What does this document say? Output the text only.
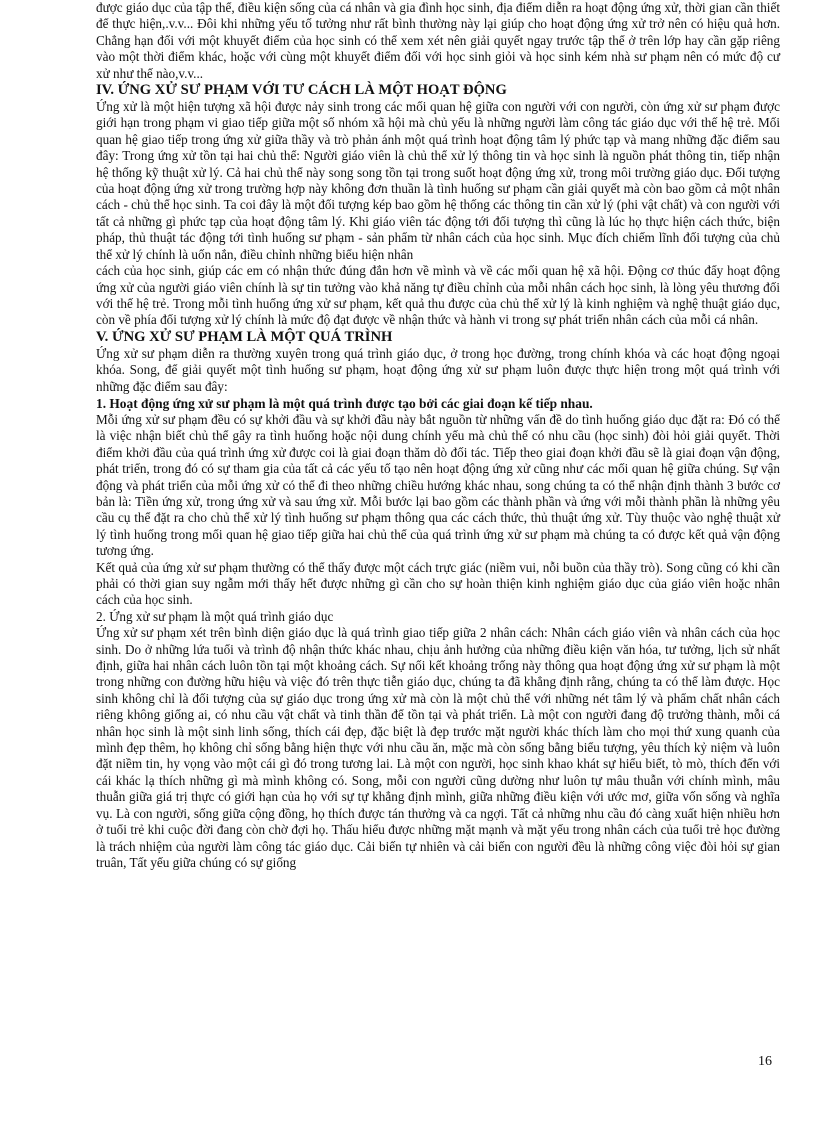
được giáo dục của tập thể, điều kiện sống của cá nhân và gia đình học sinh, địa điểm diễn ra hoạt động ứng xử, thời gian cần thiết để thực hiện,.v.v... Đôi khi những yếu tố tưởng như rất bình thường này lại giúp cho hoạt động ứng xử trở nên có hiệu quả hơn. Chẳng hạn đối với một khuyết điểm của học sinh có thể xem xét nên giải quyết ngay trước tập thể ở trên lớp hay cần gặp riêng vào một thời điểm khác, hoặc với cùng một khuyết điểm đối với học sinh giỏi và học sinh kém nhà sư phạm nên có mức độ cư xử như thế nào,v.v...

IV. ỨNG XỬ SƯ PHẠM VỚI TƯ CÁCH LÀ MỘT HOẠT ĐỘNG

Ứng xử là một hiện tượng xã hội được nảy sinh trong các mối quan hệ giữa con người với con người, còn ứng xử sư phạm được giới hạn trong phạm vi giao tiếp giữa một số nhóm xã hội mà chủ yếu là những người làm công tác giáo dục với thế hệ trẻ. Mối quan hệ giao tiếp trong ứng xử giữa thầy và trò phản ánh một quá trình hoạt động tâm lý phức tạp và mang những đặc điểm sau đây: Trong ứng xử tồn tại hai chủ thể: Người giáo viên là chủ thể xử lý thông tin và học sinh là nguồn phát thông tin, tiếp nhận hệ thống kỹ thuật xử lý. Cả hai chủ thể này song song tồn tại trong suốt hoạt động ứng xử, trong môi trường giáo dục. Đối tượng của hoạt động ứng xử trong trường hợp này không đơn thuần là tình huống sư phạm cần giải quyết mà còn bao gồm cả một nhân cách - chủ thể học sinh. Ta coi đây là một đối tượng kép bao gồm hệ thống các thông tin cần xử lý (phi vật chất) và con người với tất cả những gì phức tạp của hoạt động tâm lý. Khi giáo viên tác động tới đối tượng thì cũng là lúc họ thực hiện cách thức, biện pháp, thủ thuật tác động tới tình huống sư phạm - sản phẩm từ nhân cách của học sinh. Mục đích chiếm lĩnh đối tượng của chủ thể xử lý chính là uốn nắn, điều chỉnh những biểu hiện nhân

cách của học sinh, giúp các em có nhận thức đúng đắn hơn về mình và về các mối quan hệ xã hội. Động cơ thúc đẩy hoạt động ứng xử của người giáo viên chính là sự tin tưởng vào khả năng tự điều chỉnh của mỗi nhân cách học sinh, là lòng yêu thương đối với thế hệ trẻ. Trong mỗi tình huống ứng xử sư phạm, kết quả thu được của chủ thể xử lý là kinh nghiệm và nghệ thuật giáo dục, còn về phía đối tượng xử lý chính là mức độ đạt được về nhận thức và hành vi trong sự phát triển nhân cách của mỗi cá nhân.

V. ỨNG XỬ SƯ PHẠM LÀ MỘT QUÁ TRÌNH

Ứng xử sư phạm diễn ra thường xuyên trong quá trình giáo dục, ở trong học đường, trong chính khóa và các hoạt động ngoại khóa. Song, để giải quyết một tình huống sư phạm, hoạt động ứng xử sư phạm luôn được thực hiện trong một quá trình với những đặc điểm sau đây:

1. Hoạt động ứng xử sư phạm là một quá trình được tạo bởi các giai đoạn kế tiếp nhau.

Mỗi ứng xử sư phạm đều có sự khởi đầu và sự khởi đầu này bắt nguồn từ những vấn đề do tình huống giáo dục đặt ra: Đó có thể là việc nhận biết chủ thể gây ra tình huống hoặc nội dung chính yếu mà chủ thể có nhu cầu (học sinh) đòi hỏi giải quyết. Thời điểm khởi đầu của quá trình ứng xử được coi là giai đoạn thăm dò đối tác. Tiếp theo giai đoạn khởi đầu sẽ là giai đoạn vận động, phát triển, trong đó có sự tham gia của tất cả các yếu tố tạo nên hoạt động ứng xử cũng như các mối quan hệ giữa chúng. Sự vận động và phát triển của mỗi ứng xử có thể đi theo những chiều hướng khác nhau, song chúng ta có thể nhận định thành 3 bước cơ bản là: Tiền ứng xử, trong ứng xử và sau ứng xử. Mỗi bước lại bao gồm các thành phần và ứng với mỗi thành phần là những yêu cầu cụ thể đặt ra cho chủ thể xử lý tình huống sư phạm thông qua các cách thức, thủ thuật ứng xử. Tùy thuộc vào nghệ thuật xử lý tình huống trong mối quan hệ giao tiếp giữa hai chủ thể của quá trình ứng xử sư phạm mà chúng ta có được kết quả vận động tương ứng.

Kết quả của ứng xử sư phạm thường có thể thấy được một cách trực giác (niềm vui, nỗi buồn của thầy trò). Song cũng có khi cần phải có thời gian suy ngẫm mới thấy hết được những gì cần cho sự hoàn thiện kinh nghiệm giáo dục của giáo viên hoặc nhân cách của học sinh.

2. Ứng xử sư phạm là một quá trình giáo dục

Ứng xử sư phạm xét trên bình diện giáo dục là quá trình giao tiếp giữa 2 nhân cách: Nhân cách giáo viên và nhân cách của học sinh. Do ở những lứa tuổi và trình độ nhận thức khác nhau, chịu ảnh hưởng của những điều kiện văn hóa, tư tưởng, lịch sử nhất định, giữa hai nhân cách luôn tồn tại một khoảng cách. Sự nối kết khoảng trống này thông qua hoạt động ứng xử sư phạm là một trong những con đường hữu hiệu và việc đó trên thực tiễn giáo dục, chúng ta đã khẳng định rằng, chúng ta có thể làm được. Học sinh không chỉ là đối tượng của sự giáo dục trong ứng xử mà còn là một chủ thể với những nét tâm lý và phẩm chất nhân cách riêng không giống ai, có nhu cầu vật chất và tinh thần để tồn tại và phát triển. Là một con người đang độ trưởng thành, mỗi cá nhân học sinh là một sinh linh sống, thích cái đẹp, đặc biệt là đẹp trước mặt người khác thích làm cho mọi thứ xung quanh của mình đẹp thêm, họ không chỉ sống bằng hiện thực với nhu cầu ăn, mặc mà còn sống bằng biểu tượng, yêu thích kỷ niệm và luôn đặt niềm tin, hy vọng vào một cái gì đó trong tương lai. Là một con người, học sinh khao khát sự hiểu biết, tò mò, thích đến với cái khác lạ thích những gì mà mình không có. Song, mỗi con người cũng dường như luôn tự mâu thuẫn với chính mình, mâu thuẫn giữa giá trị thực có giới hạn của họ với sự tự khẳng định mình, giữa những điều kiện với ước mơ, giữa vốn sống và nghĩa vụ. Là con người, sống giữa cộng đồng, họ thích được tán thưởng và ca ngợi. Tất cả những nhu cầu đó càng xuất hiện nhiều hơn ở tuổi trẻ khi cuộc đời đang còn chờ đợi họ. Thấu hiểu được những mặt mạnh và mặt yếu trong nhân cách của tuổi trẻ học đường là trách nhiệm của người làm công tác giáo dục. Cải biến tự nhiên và cải biến con người đều là những công việc đòi hỏi sự gian truân, Tất yếu giữa chúng có sự giống

16
